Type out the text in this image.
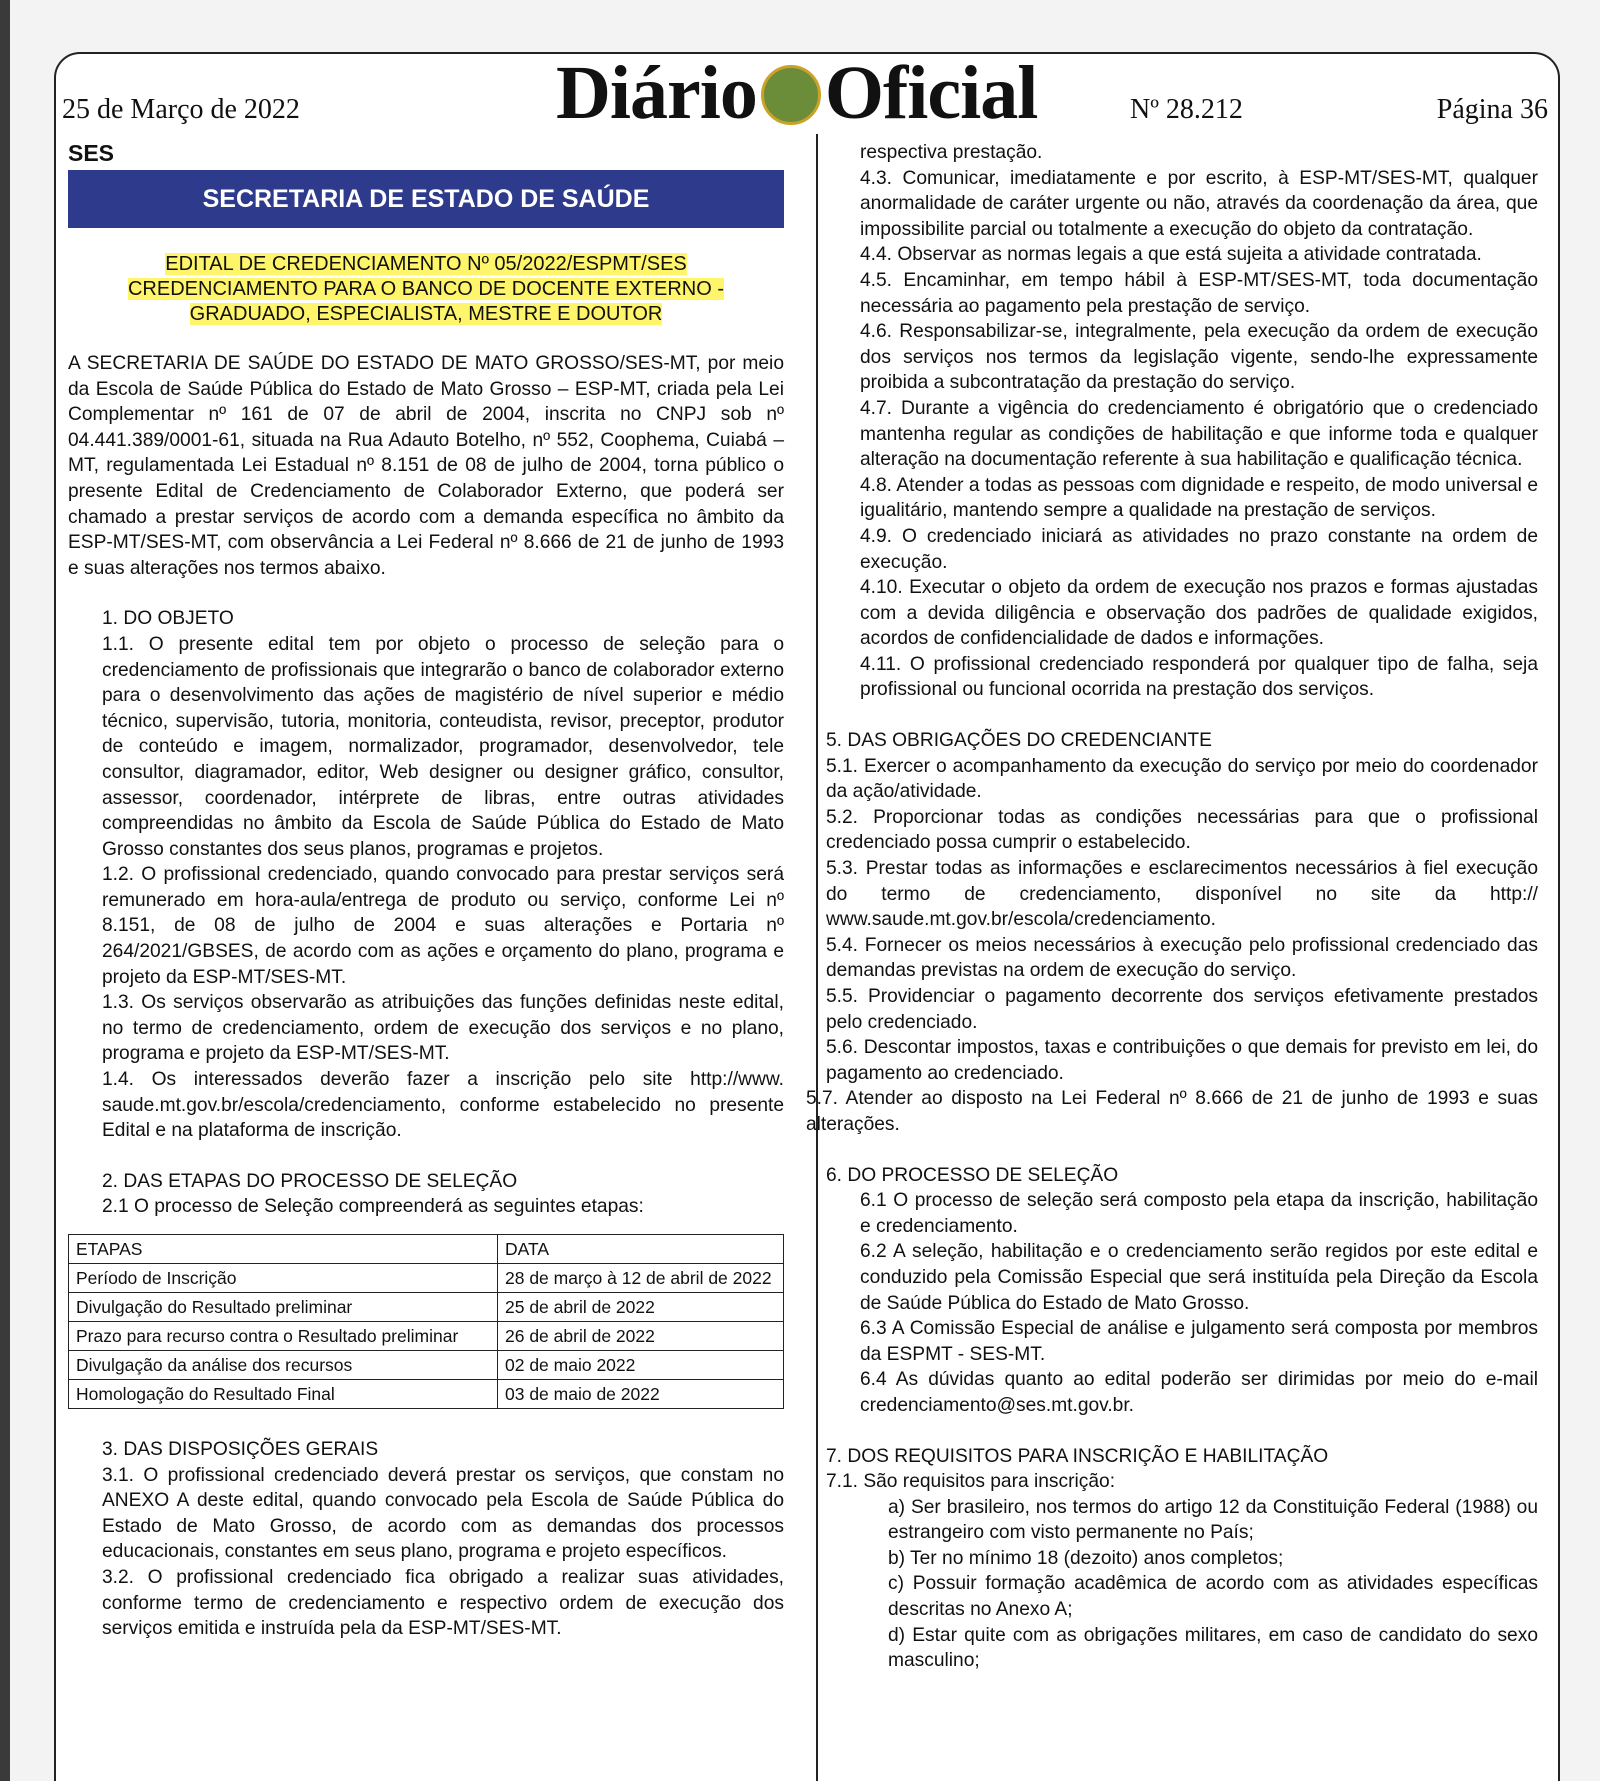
25 de Março de 2022	Diário Oficial	Nº 28.212	Página 36

SES

SECRETARIA DE ESTADO DE SAÚDE
EDITAL DE CREDENCIAMENTO Nº 05/2022/ESPMT/SES
CREDENCIAMENTO PARA O BANCO DE DOCENTE EXTERNO -
GRADUADO, ESPECIALISTA, MESTRE E DOUTOR

A SECRETARIA DE SAÚDE DO ESTADO DE MATO GROSSO/SES-MT, por meio da Escola de Saúde Pública do Estado de Mato Grosso – ESP-MT, criada pela Lei Complementar nº 161 de 07 de abril de 2004, inscrita no CNPJ sob nº 04.441.389/0001-61, situada na Rua Adauto Botelho, nº 552, Coophema, Cuiabá – MT, regulamentada Lei Estadual nº 8.151 de 08 de julho de 2004, torna público o presente Edital de Credenciamento de Colaborador Externo, que poderá ser chamado a prestar serviços de acordo com a demanda específica no âmbito da ESP-MT/SES-MT, com observância a Lei Federal nº 8.666 de 21 de junho de 1993 e suas alterações nos termos abaixo.

1. DO OBJETO

1.1. O presente edital tem por objeto o processo de seleção para o credenciamento de profissionais que integrarão o banco de colaborador externo para o desenvolvimento das ações de magistério de nível superior e médio técnico, supervisão, tutoria, monitoria, conteudista, revisor, preceptor, produtor de conteúdo e imagem, normalizador, programador, desenvolvedor, tele consultor, diagramador, editor, Web designer ou designer gráfico, consultor, assessor, coordenador, intérprete de libras, entre outras atividades compreendidas no âmbito da Escola de Saúde Pública do Estado de Mato Grosso constantes dos seus planos, programas e projetos.

1.2. O profissional credenciado, quando convocado para prestar serviços será remunerado em hora-aula/entrega de produto ou serviço, conforme Lei nº 8.151, de 08 de julho de 2004 e suas alterações e Portaria nº 264/2021/GBSES, de acordo com as ações e orçamento do plano, programa e projeto da ESP-MT/SES-MT.

1.3. Os serviços observarão as atribuições das funções definidas neste edital, no termo de credenciamento, ordem de execução dos serviços e no plano, programa e projeto da ESP-MT/SES-MT.

1.4. Os interessados deverão fazer a inscrição pelo site http://www. saude.mt.gov.br/escola/credenciamento, conforme estabelecido no presente Edital e na plataforma de inscrição.

2. DAS ETAPAS DO PROCESSO DE SELEÇÃO

2.1 O processo de Seleção compreenderá as seguintes etapas:

ETAPAS	DATA
Período de Inscrição	28 de março à 12 de abril de 2022
Divulgação do Resultado preliminar	25 de abril de 2022
Prazo para recurso contra o Resultado preliminar	26 de abril de 2022
Divulgação da análise dos recursos	02 de maio 2022
Homologação do Resultado Final	03 de maio de 2022

3. DAS DISPOSIÇÕES GERAIS

3.1. O profissional credenciado deverá prestar os serviços, que constam no ANEXO A deste edital, quando convocado pela Escola de Saúde Pública do Estado de Mato Grosso, de acordo com as demandas dos processos educacionais, constantes em seus plano, programa e projeto específicos.

3.2. O profissional credenciado fica obrigado a realizar suas atividades, conforme termo de credenciamento e respectivo ordem de execução dos serviços emitida e instruída pela da ESP-MT/SES-MT.

respectiva prestação.

4.3. Comunicar, imediatamente e por escrito, à ESP-MT/SES-MT, qualquer anormalidade de caráter urgente ou não, através da coordenação da área, que impossibilite parcial ou totalmente a execução do objeto da contratação.

4.4. Observar as normas legais a que está sujeita a atividade contratada.

4.5. Encaminhar, em tempo hábil à ESP-MT/SES-MT, toda documentação necessária ao pagamento pela prestação de serviço.

4.6. Responsabilizar-se, integralmente, pela execução da ordem de execução dos serviços nos termos da legislação vigente, sendo-lhe expressamente proibida a subcontratação da prestação do serviço.

4.7. Durante a vigência do credenciamento é obrigatório que o credenciado mantenha regular as condições de habilitação e que informe toda e qualquer alteração na documentação referente à sua habilitação e qualificação técnica.

4.8. Atender a todas as pessoas com dignidade e respeito, de modo universal e igualitário, mantendo sempre a qualidade na prestação de serviços.

4.9. O credenciado iniciará as atividades no prazo constante na ordem de execução.

4.10. Executar o objeto da ordem de execução nos prazos e formas ajustadas com a devida diligência e observação dos padrões de qualidade exigidos, acordos de confidencialidade de dados e informações.

4.11. O profissional credenciado responderá por qualquer tipo de falha, seja profissional ou funcional ocorrida na prestação dos serviços.

5. DAS OBRIGAÇÕES DO CREDENCIANTE

5.1. Exercer o acompanhamento da execução do serviço por meio do coordenador da ação/atividade.

5.2. Proporcionar todas as condições necessárias para que o profissional credenciado possa cumprir o estabelecido.

5.3. Prestar todas as informações e esclarecimentos necessários à fiel execução do termo de credenciamento, disponível no site da http:// www.saude.mt.gov.br/escola/credenciamento.

5.4. Fornecer os meios necessários à execução pelo profissional credenciado das demandas previstas na ordem de execução do serviço.

5.5. Providenciar o pagamento decorrente dos serviços efetivamente prestados pelo credenciado.

5.6. Descontar impostos, taxas e contribuições o que demais for previsto em lei, do pagamento ao credenciado.

5.7. Atender ao disposto na Lei Federal nº 8.666 de 21 de junho de 1993 e suas alterações.

6. DO PROCESSO DE SELEÇÃO

6.1 O processo de seleção será composto pela etapa da inscrição, habilitação e credenciamento.

6.2 A seleção, habilitação e o credenciamento serão regidos por este edital e conduzido pela Comissão Especial que será instituída pela Direção da Escola de Saúde Pública do Estado de Mato Grosso.

6.3 A Comissão Especial de análise e julgamento será composta por membros da ESPMT - SES-MT.

6.4 As dúvidas quanto ao edital poderão ser dirimidas por meio do e-mail credenciamento@ses.mt.gov.br.

7. DOS REQUISITOS PARA INSCRIÇÃO E HABILITAÇÃO

7.1. São requisitos para inscrição:

a) Ser brasileiro, nos termos do artigo 12 da Constituição Federal (1988) ou estrangeiro com visto permanente no País;

b) Ter no mínimo 18 (dezoito) anos completos;

c) Possuir formação acadêmica de acordo com as atividades específicas descritas no Anexo A;

d) Estar quite com as obrigações militares, em caso de candidato do sexo masculino;
